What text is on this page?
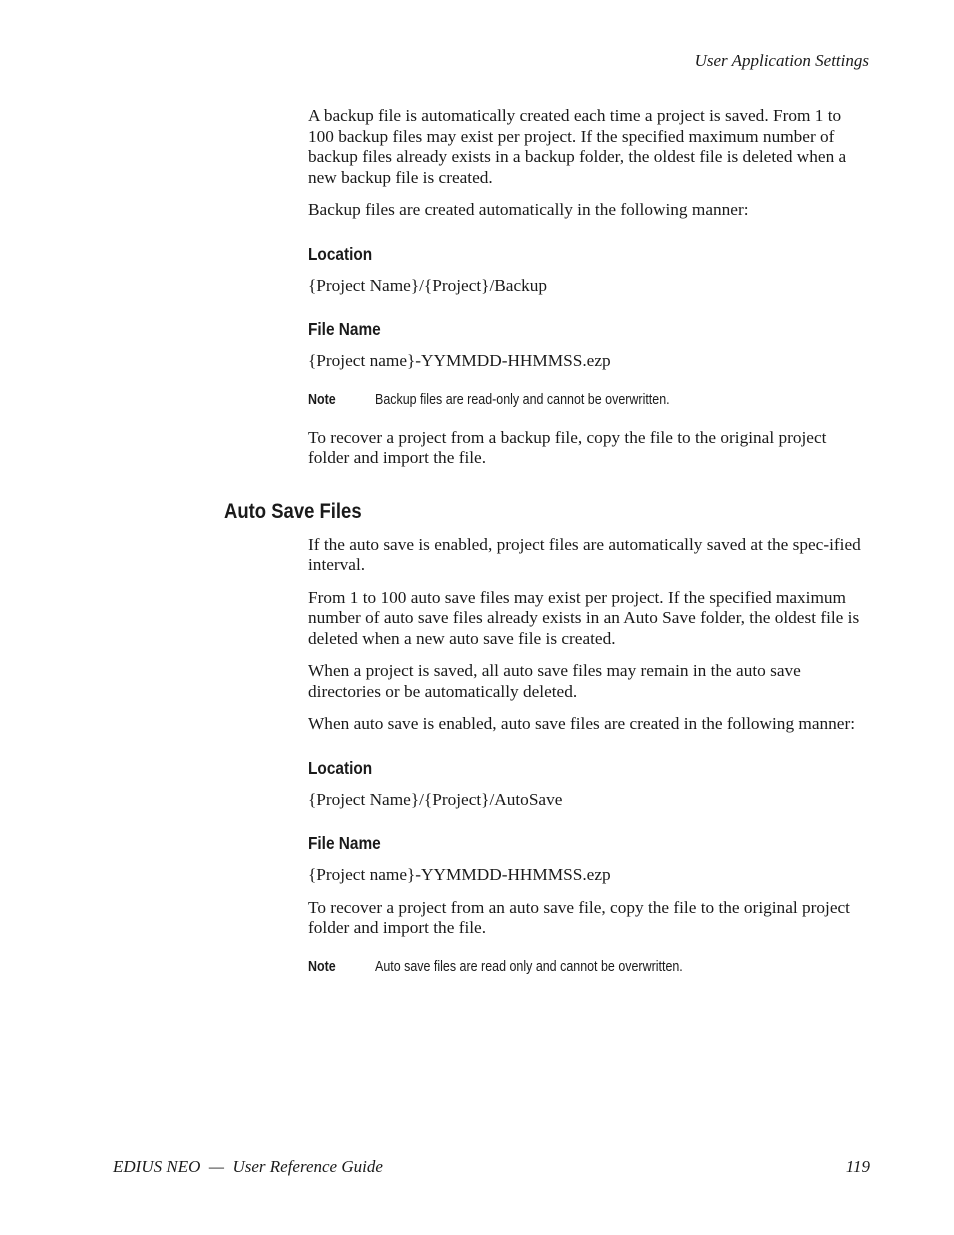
User Application Settings

A backup file is automatically created each time a project is saved. From 1 to 100 backup files may exist per project. If the specified maximum number of backup files already exists in a backup folder, the oldest file is deleted when a new backup file is created.

Backup files are created automatically in the following manner:

Location

{Project Name}/{Project}/Backup

File Name

{Project name}-YYMMDD-HHMMSS.ezp

Note	Backup files are read-only and cannot be overwritten.

To recover a project from a backup file, copy the file to the original project folder and import the file.

Auto Save Files

If the auto save is enabled, project files are automatically saved at the spec-ified interval.

From 1 to 100 auto save files may exist per project. If the specified maximum number of auto save files already exists in an Auto Save folder, the oldest file is deleted when a new auto save file is created.

When a project is saved, all auto save files may remain in the auto save directories or be automatically deleted.

When auto save is enabled, auto save files are created in the following manner:

Location

{Project Name}/{Project}/AutoSave

File Name

{Project name}-YYMMDD-HHMMSS.ezp

To recover a project from an auto save file, copy the file to the original project folder and import the file.

Note	Auto save files are read only and cannot be overwritten.
EDIUS NEO  —  User Reference Guide	119
